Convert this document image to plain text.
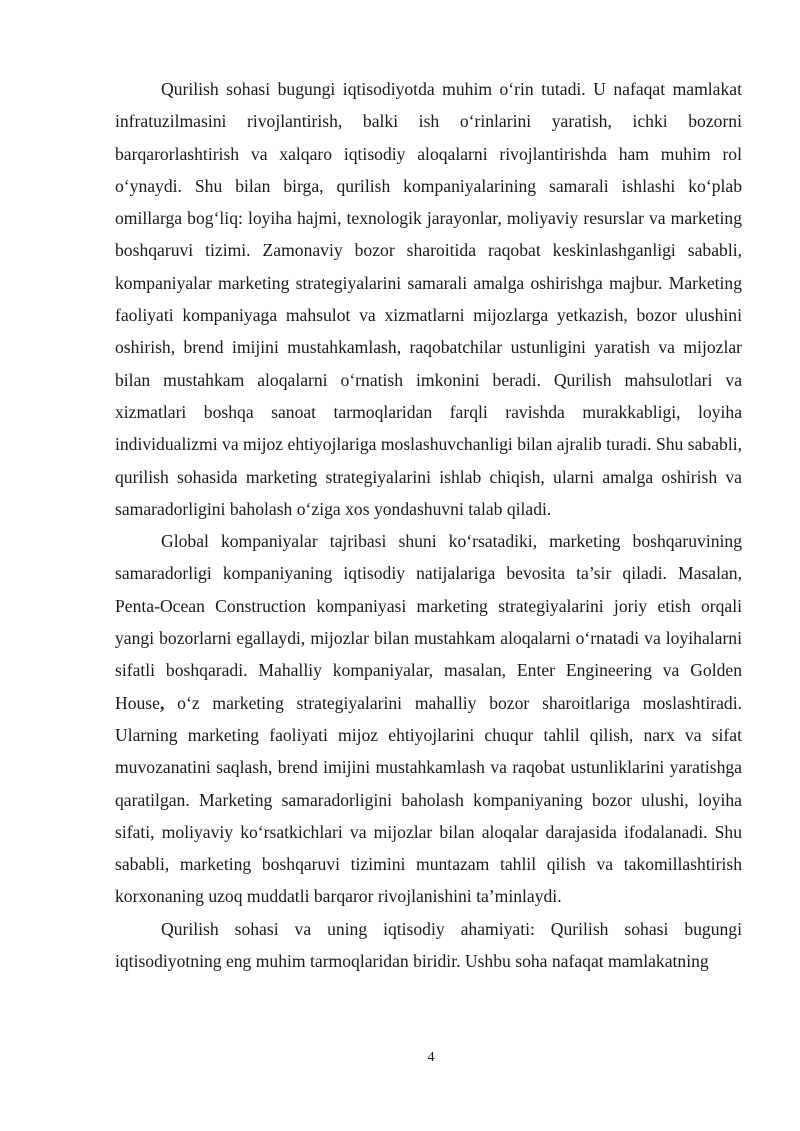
Qurilish sohasi bugungi iqtisodiyotda muhim o‘rin tutadi. U nafaqat mamlakat infratuzilmasini rivojlantirish, balki ish o‘rinlarini yaratish, ichki bozorni barqarorlashtirish va xalqaro iqtisodiy aloqalarni rivojlantirishda ham muhim rol o‘ynaydi. Shu bilan birga, qurilish kompaniyalarining samarali ishlashi ko‘plab omillarga bog‘liq: loyiha hajmi, texnologik jarayonlar, moliyaviy resurslar va marketing boshqaruvi tizimi. Zamonaviy bozor sharoitida raqobat keskinlashganligi sababli, kompaniyalar marketing strategiyalarini samarali amalga oshirishga majbur. Marketing faoliyati kompaniyaga mahsulot va xizmatlarni mijozlarga yetkazish, bozor ulushini oshirish, brend imijini mustahkamlash, raqobatchilar ustunligini yaratish va mijozlar bilan mustahkam aloqalarni o‘rnatish imkonini beradi. Qurilish mahsulotlari va xizmatlari boshqa sanoat tarmoqlaridan farqli ravishda murakkabligi, loyiha individualizmi va mijoz ehtiyojlariga moslashuvchanligi bilan ajralib turadi. Shu sababli, qurilish sohasida marketing strategiyalarini ishlab chiqish, ularni amalga oshirish va samaradorligini baholash o‘ziga xos yondashuvni talab qiladi.

Global kompaniyalar tajribasi shuni ko‘rsatadiki, marketing boshqaruvining samaradorligi kompaniyaning iqtisodiy natijalariga bevosita ta’sir qiladi. Masalan, Penta-Ocean Construction kompaniyasi marketing strategiyalarini joriy etish orqali yangi bozorlarni egallaydi, mijozlar bilan mustahkam aloqalarni o‘rnatadi va loyihalarni sifatli boshqaradi. Mahalliy kompaniyalar, masalan, Enter Engineering va Golden House, o‘z marketing strategiyalarini mahalliy bozor sharoitlariga moslashtiradi. Ularning marketing faoliyati mijoz ehtiyojlarini chuqur tahlil qilish, narx va sifat muvozanatini saqlash, brend imijini mustahkamlash va raqobat ustunliklarini yaratishga qaratilgan. Marketing samaradorligini baholash kompaniyaning bozor ulushi, loyiha sifati, moliyaviy ko‘rsatkichlari va mijozlar bilan aloqalar darajasida ifodalanadi. Shu sababli, marketing boshqaruvi tizimini muntazam tahlil qilish va takomillashtirish korxonaning uzoq muddatli barqaror rivojlanishini ta’minlaydi.

Qurilish sohasi va uning iqtisodiy ahamiyati: Qurilish sohasi bugungi iqtisodiyotning eng muhim tarmoqlaridan biridir. Ushbu soha nafaqat mamlakatning

4
